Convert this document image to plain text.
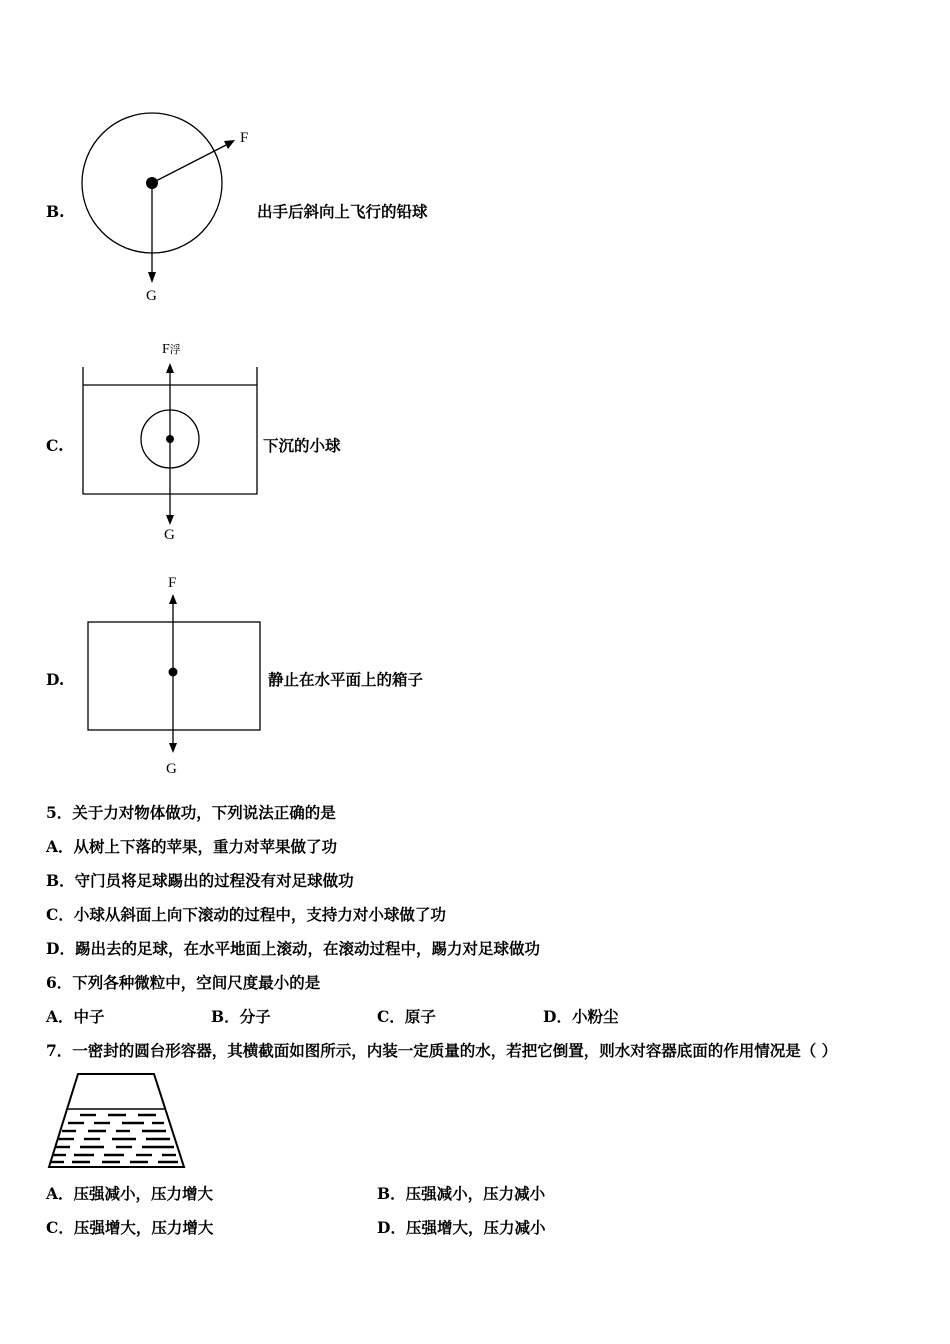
B.
F
G
出手后斜向上飞行的铅球
C.
F浮
G
下沉的小球
D.
F
G
静止在水平面上的箱子
5．关于力对物体做功，下列说法正确的是
A．从树上下落的苹果，重力对苹果做了功
B．守门员将足球踢出的过程没有对足球做功
C．小球从斜面上向下滚动的过程中，支持力对小球做了功
D．踢出去的足球，在水平地面上滚动，在滚动过程中，踢力对足球做功
6．下列各种微粒中，空间尺度最小的是
A．中子	B．分子	C．原子	D．小粉尘
7．一密封的圆台形容器，其横截面如图所示，内装一定质量的水，若把它倒置，则水对容器底面的作用情况是（ ）
A．压强减小，压力增大	B．压强减小，压力减小
C．压强增大，压力增大	D．压强增大，压力减小
